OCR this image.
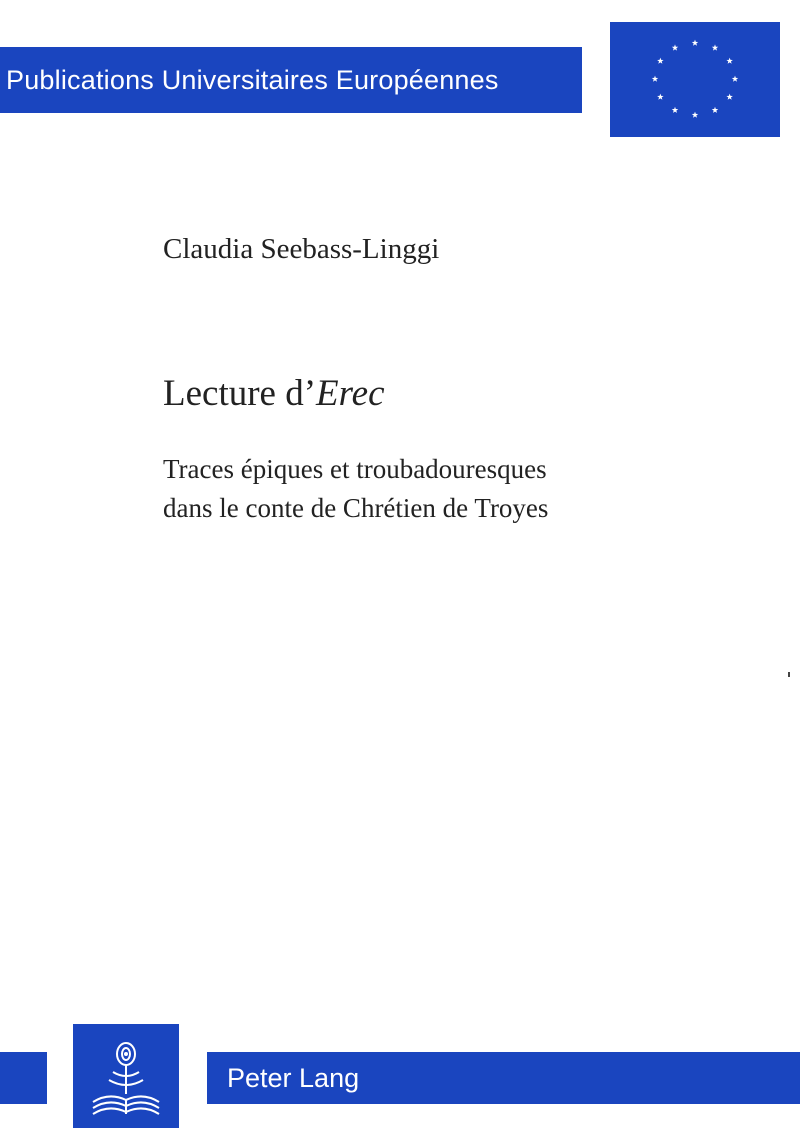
Publications Universitaires Européennes
Claudia Seebass-Linggi
Lecture d’Erec
Traces épiques et troubadouresques
dans le conte de Chrétien de Troyes
Peter Lang
